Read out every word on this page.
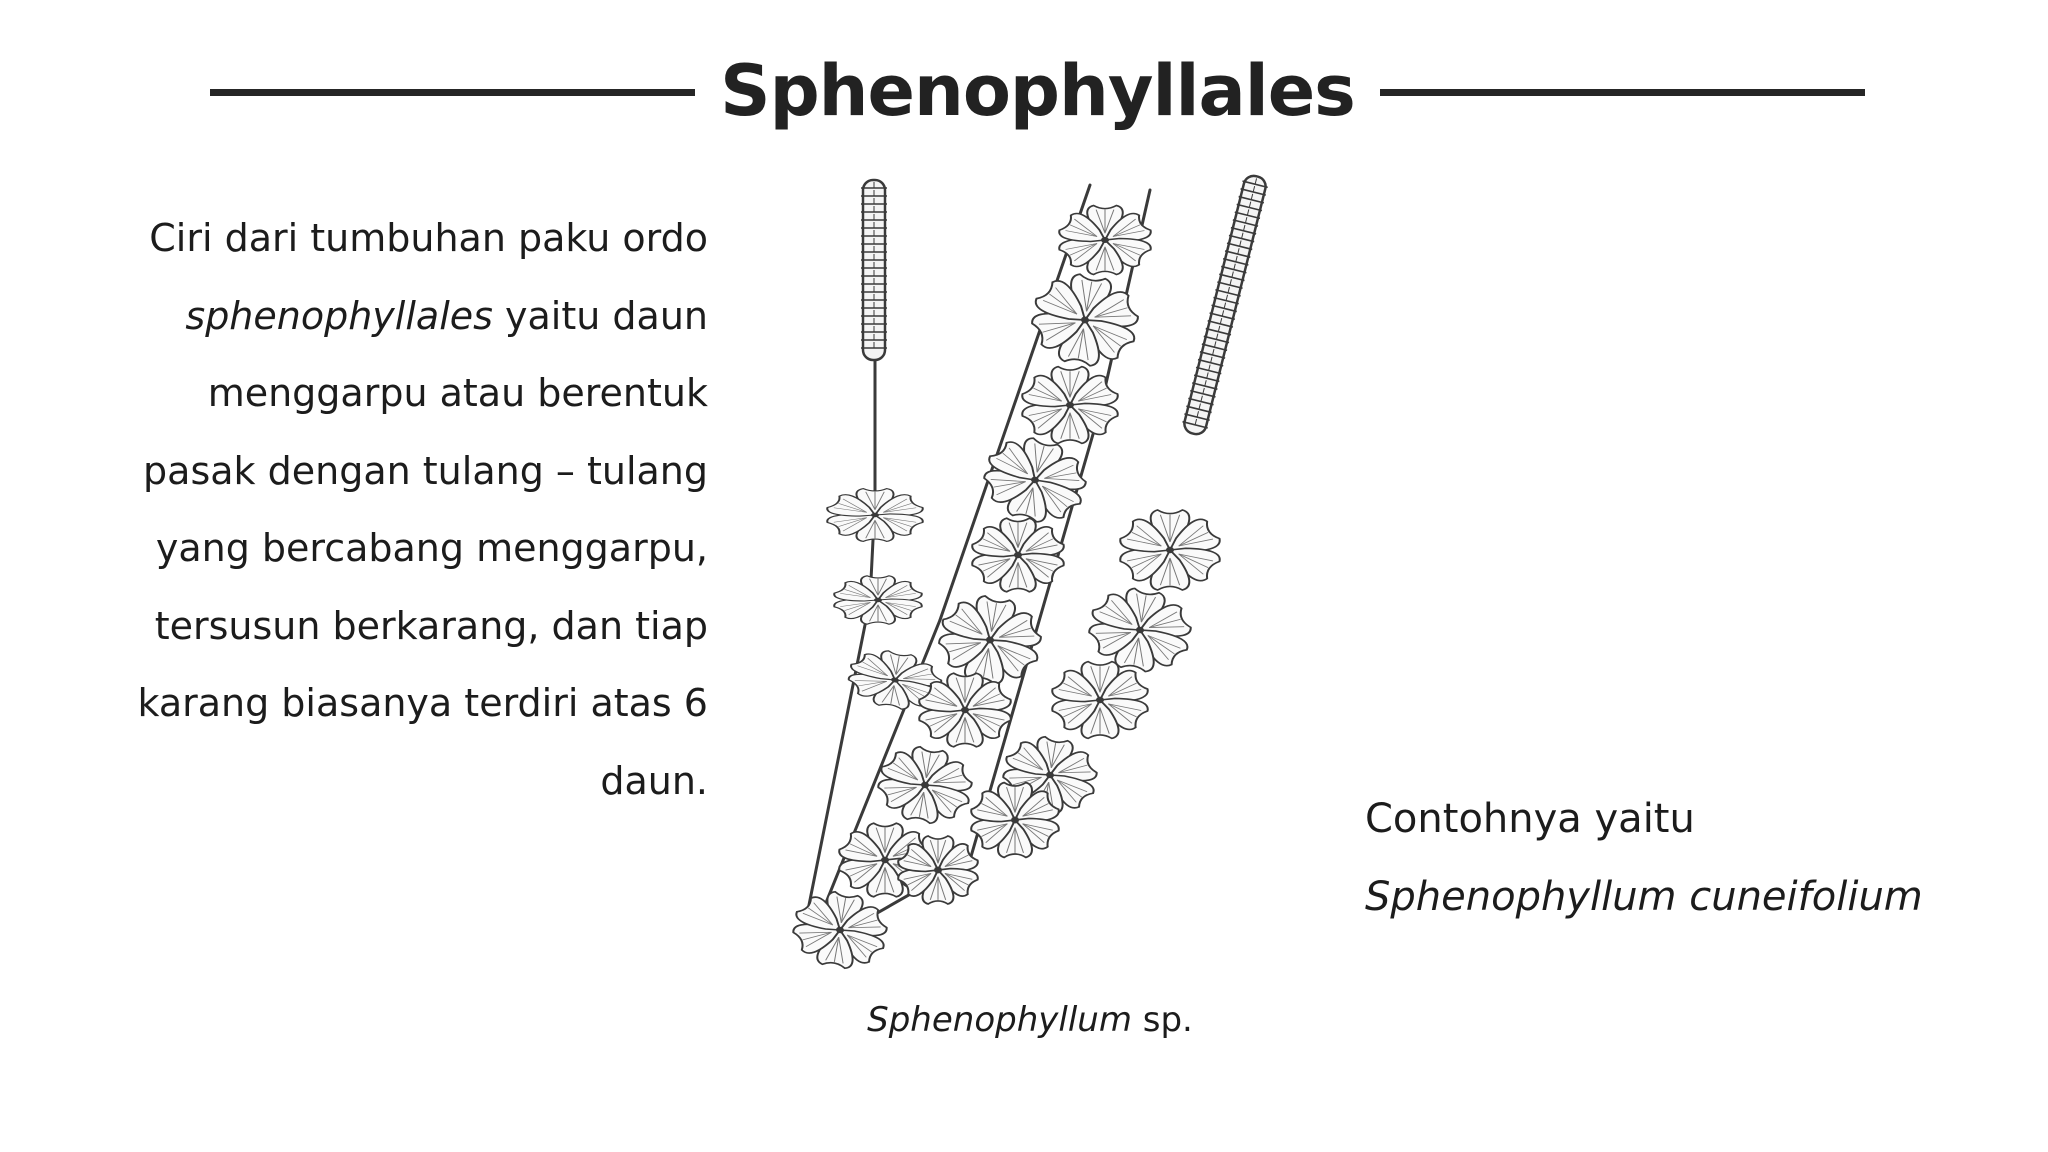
Sphenophyllales
Ciri dari tumbuhan paku ordo sphenophyllales yaitu daun menggarpu atau berentuk pasak dengan tulang – tulang yang bercabang menggarpu, tersusun berkarang, dan tiap karang biasanya terdiri atas 6 daun.
Sphenophyllum sp.
Contohnya yaitu
Sphenophyllum cuneifolium
